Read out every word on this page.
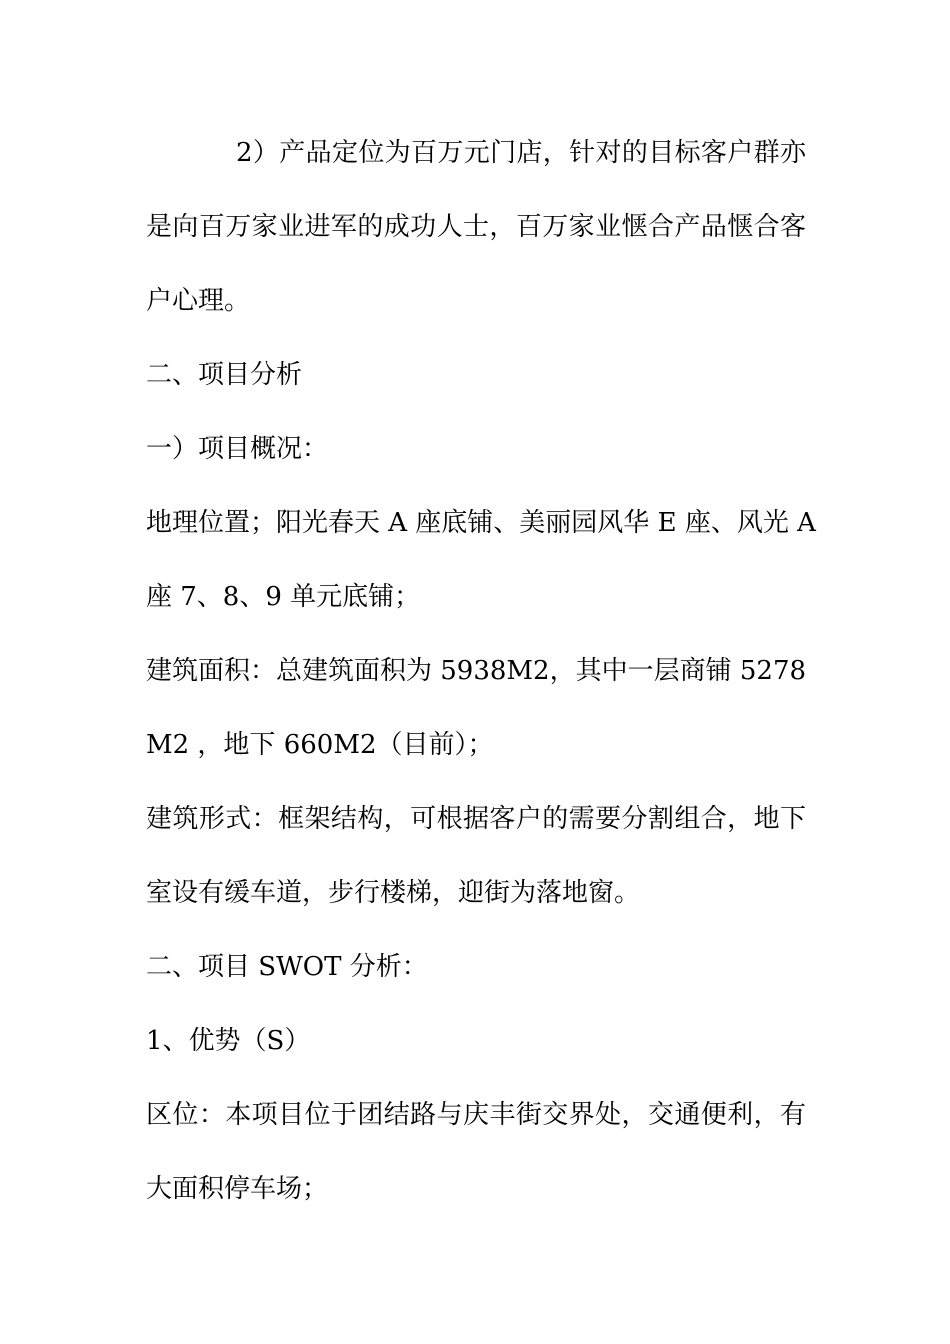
2）产品定位为百万元门店，针对的目标客户群亦
是向百万家业进军的成功人士，百万家业惬合产品惬合客
户心理。
二、项目分析
一）项目概况：
地理位置；阳光春天 A 座底铺、美丽园风华 E 座、风光 A
座 7、8、9 单元底铺；
建筑面积：总建筑面积为 5938M2，其中一层商铺 5278
M2 ，地下 660M2（目前）；
建筑形式：框架结构，可根据客户的需要分割组合，地下
室设有缓车道，步行楼梯，迎街为落地窗。
二、项目 SWOT 分析：
1、优势（S）
区位：本项目位于团结路与庆丰街交界处，交通便利，有
大面积停车场；
